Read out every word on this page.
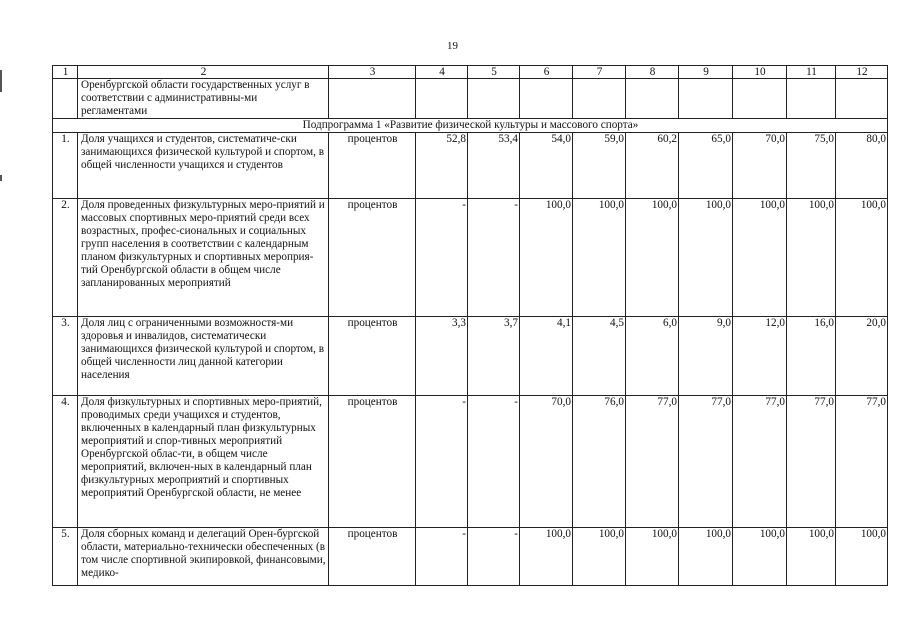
19
1	2	3	4	5	6	7	8	9	10	11	12
	Оренбургской области государственных услуг в соответствии с административны-ми регламентами										
Подпрограмма 1 «Развитие физической культуры и массового спорта»											
1.	Доля учащихся и студентов, систематиче-ски занимающихся физической культурой и спортом, в общей численности учащихся и студентов	процентов	52,8	53,4	54,0	59,0	60,2	65,0	70,0	75,0	80,0
2.	Доля проведенных физкультурных меро-приятий и массовых спортивных меро-приятий среди всех возрастных, профес-сиональных и социальных групп населения в соответствии с календарным планом физкультурных и спортивных мероприя-тий Оренбургской области в общем числе запланированных мероприятий	процентов	-	-	100,0	100,0	100,0	100,0	100,0	100,0	100,0
3.	Доля лиц с ограниченными возможностя-ми здоровья и инвалидов, систематически занимающихся физической культурой и спортом, в общей численности лиц данной категории населения	процентов	3,3	3,7	4,1	4,5	6,0	9,0	12,0	16,0	20,0
4.	Доля физкультурных и спортивных меро-приятий, проводимых среди учащихся и студентов, включенных в календарный план физкультурных мероприятий и спор-тивных мероприятий Оренбургской облас-ти, в общем числе мероприятий, включен-ных в календарный план физкультурных мероприятий и спортивных мероприятий Оренбургской области, не менее	процентов	-	-	70,0	76,0	77,0	77,0	77,0	77,0	77,0
5.	Доля сборных команд и делегаций Орен-бургской области, материально-технически обеспеченных (в том числе спортивной экипировкой, финансовыми, медико-	процентов	-	-	100,0	100,0	100,0	100,0	100,0	100,0	100,0
